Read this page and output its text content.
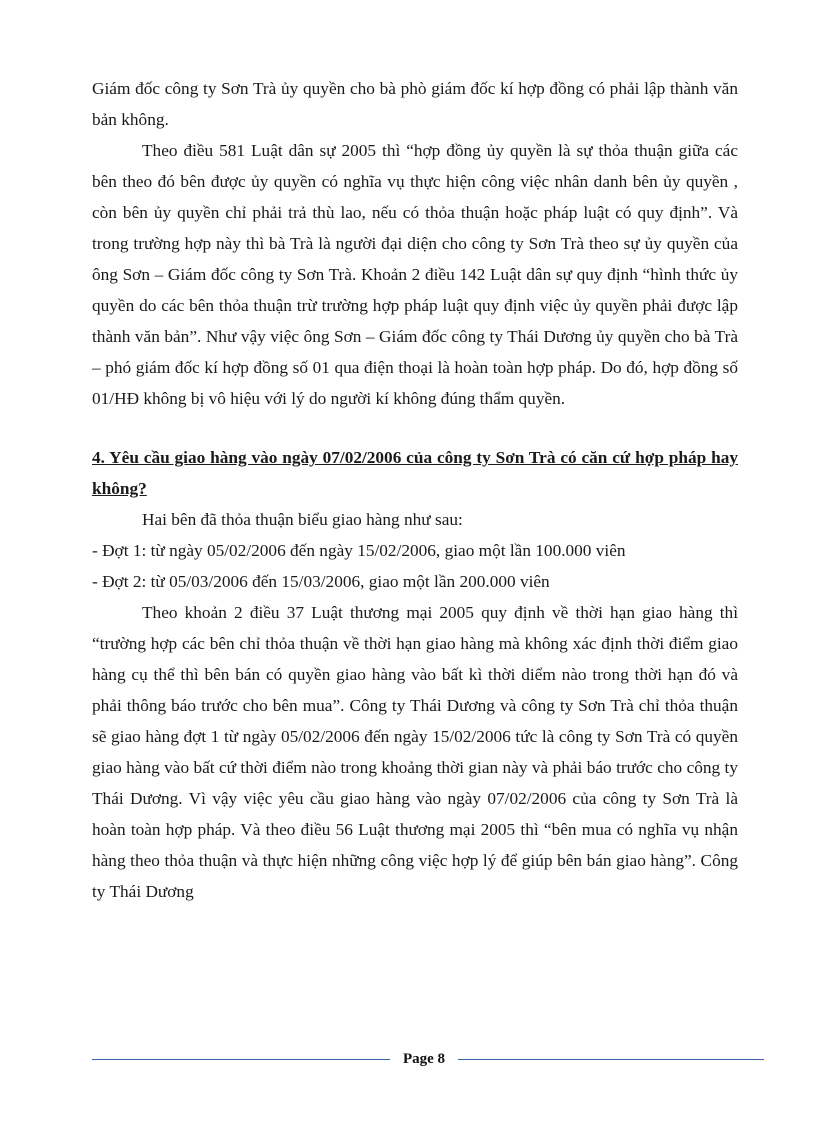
Giám đốc công ty Sơn Trà ủy quyền cho bà phò giám đốc kí hợp đồng có phải lập thành văn bản không.

Theo điều 581 Luật dân sự 2005 thì “hợp đồng ủy quyền là sự thỏa thuận giữa các bên theo đó bên được ủy quyền có nghĩa vụ thực hiện công việc nhân danh bên ủy quyền , còn bên ủy quyền chỉ phải trả thù lao, nếu có thỏa thuận hoặc pháp luật có quy định”. Và trong trường hợp này thì bà Trà là người đại diện cho công ty Sơn Trà theo sự ủy quyền của ông Sơn – Giám đốc công ty Sơn Trà. Khoản 2 điều 142 Luật dân sự quy định “hình thức ủy quyền do các bên thỏa thuận trừ trường hợp pháp luật quy định việc ủy quyền phải được lập thành văn bản”. Như vậy việc ông Sơn – Giám đốc công ty Thái Dương ủy quyền cho bà Trà – phó giám đốc kí hợp đồng số 01 qua điện thoại là hoàn toàn hợp pháp. Do đó, hợp đồng số 01/HĐ không bị vô hiệu với lý do người kí không đúng thẩm quyền.

4. Yêu cầu giao hàng vào ngày 07/02/2006 của công ty Sơn Trà có căn cứ hợp pháp hay không?

Hai bên đã thỏa thuận biểu giao hàng như sau:

- Đợt 1: từ ngày 05/02/2006 đến ngày 15/02/2006, giao một lần 100.000 viên

- Đợt 2: từ 05/03/2006 đến 15/03/2006, giao một lần 200.000 viên

Theo khoản 2 điều 37 Luật thương mại 2005 quy định về thời hạn giao hàng thì “trường hợp các bên chỉ thỏa thuận về thời hạn giao hàng mà không xác định thời điểm giao hàng cụ thể thì bên bán có quyền giao hàng vào bất kì thời diểm nào trong thời hạn đó và phải thông báo trước cho bên mua”. Công ty Thái Dương và công ty Sơn Trà chỉ thỏa thuận sẽ giao hàng đợt 1 từ ngày 05/02/2006 đến ngày 15/02/2006 tức là công ty Sơn Trà có quyền giao hàng vào bất cứ thời điểm nào trong khoảng thời gian này và phải báo trước cho công ty Thái Dương. Vì vậy việc yêu cầu giao hàng vào ngày 07/02/2006 của công ty Sơn Trà là hoàn toàn hợp pháp. Và theo điều 56 Luật thương mại 2005 thì “bên mua có nghĩa vụ nhận hàng theo thỏa thuận và thực hiện những công việc hợp lý để giúp bên bán giao hàng”. Công ty Thái Dương

Page 8
